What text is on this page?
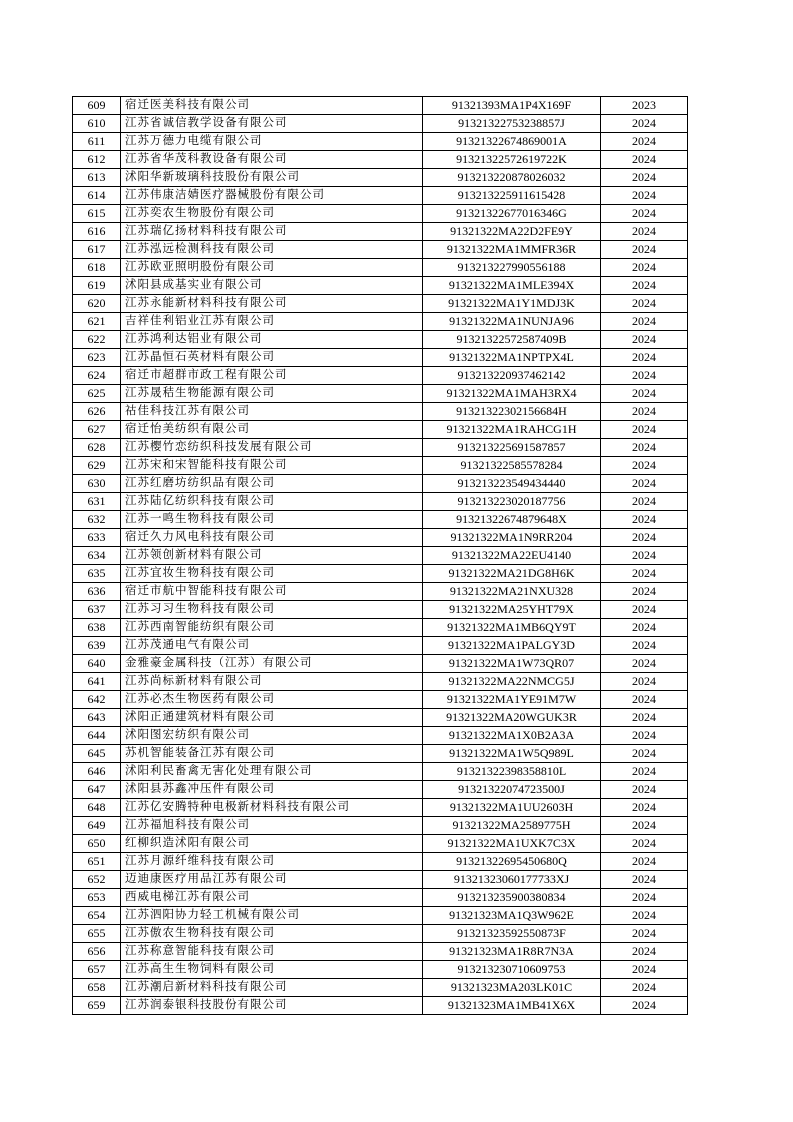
609	宿迁医美科技有限公司	91321393MA1P4X169F	2023
610	江苏省诚信教学设备有限公司	91321322753238857J	2024
611	江苏万德力电缆有限公司	91321322674869001A	2024
612	江苏省华茂科教设备有限公司	91321322572619722K	2024
613	沭阳华新玻璃科技股份有限公司	913213220878026032	2024
614	江苏伟康洁婧医疗器械股份有限公司	913213225911615428	2024
615	江苏奕农生物股份有限公司	91321322677016346G	2024
616	江苏瑞亿扬材料科技有限公司	91321322MA22D2FE9Y	2024
617	江苏泓远检测科技有限公司	91321322MA1MMFR36R	2024
618	江苏欧亚照明股份有限公司	913213227990556188	2024
619	沭阳县成基实业有限公司	91321322MA1MLE394X	2024
620	江苏永能新材料科技有限公司	91321322MA1Y1MDJ3K	2024
621	吉祥佳利铝业江苏有限公司	91321322MA1NUNJA96	2024
622	江苏鸿利达铝业有限公司	91321322572587409B	2024
623	江苏晶恒石英材料有限公司	91321322MA1NPTPX4L	2024
624	宿迁市超群市政工程有限公司	913213220937462142	2024
625	江苏晟秸生物能源有限公司	91321322MA1MAH3RX4	2024
626	祜佳科技江苏有限公司	91321322302156684H	2024
627	宿迁怡美纺织有限公司	91321322MA1RAHCG1H	2024
628	江苏樱竹恋纺织科技发展有限公司	913213225691587857	2024
629	江苏宋和宋智能科技有限公司	91321322585578284	2024
630	江苏红磨坊纺织品有限公司	913213223549434440	2024
631	江苏陆亿纺织科技有限公司	913213223020187756	2024
632	江苏一鸣生物科技有限公司	91321322674879648X	2024
633	宿迁久力风电科技有限公司	91321322MA1N9RR204	2024
634	江苏领创新材料有限公司	91321322MA22EU4140	2024
635	江苏宜妆生物科技有限公司	91321322MA21DG8H6K	2024
636	宿迁市航中智能科技有限公司	91321322MA21NXU328	2024
637	江苏习习生物科技有限公司	91321322MA25YHT79X	2024
638	江苏西南智能纺织有限公司	91321322MA1MB6QY9T	2024
639	江苏茂通电气有限公司	91321322MA1PALGY3D	2024
640	金雅豪金属科技（江苏）有限公司	91321322MA1W73QR07	2024
641	江苏尚标新材料有限公司	91321322MA22NMCG5J	2024
642	江苏必杰生物医药有限公司	91321322MA1YE91M7W	2024
643	沭阳正通建筑材料有限公司	91321322MA20WGUK3R	2024
644	沭阳图宏纺织有限公司	91321322MA1X0B2A3A	2024
645	苏机智能装备江苏有限公司	91321322MA1W5Q989L	2024
646	沭阳利民畜禽无害化处理有限公司	91321322398358810L	2024
647	沭阳县苏鑫冲压件有限公司	91321322074723500J	2024
648	江苏亿安腾特种电极新材料科技有限公司	91321322MA1UU2603H	2024
649	江苏福旭科技有限公司	91321322MA2589775H	2024
650	红柳织造沭阳有限公司	91321322MA1UXK7C3X	2024
651	江苏月源纤维科技有限公司	91321322695450680Q	2024
652	迈迪康医疗用品江苏有限公司	91321323060177733XJ	2024
653	西威电梯江苏有限公司	913213235900380834	2024
654	江苏泗阳协力轻工机械有限公司	91321323MA1Q3W962E	2024
655	江苏傲农生物科技有限公司	91321323592550873F	2024
656	江苏称意智能科技有限公司	91321323MA1R8R7N3A	2024
657	江苏高生生物饲料有限公司	913213230710609753	2024
658	江苏潮启新材料科技有限公司	91321323MA203LK01C	2024
659	江苏润泰银科技股份有限公司	91321323MA1MB41X6X	2024
